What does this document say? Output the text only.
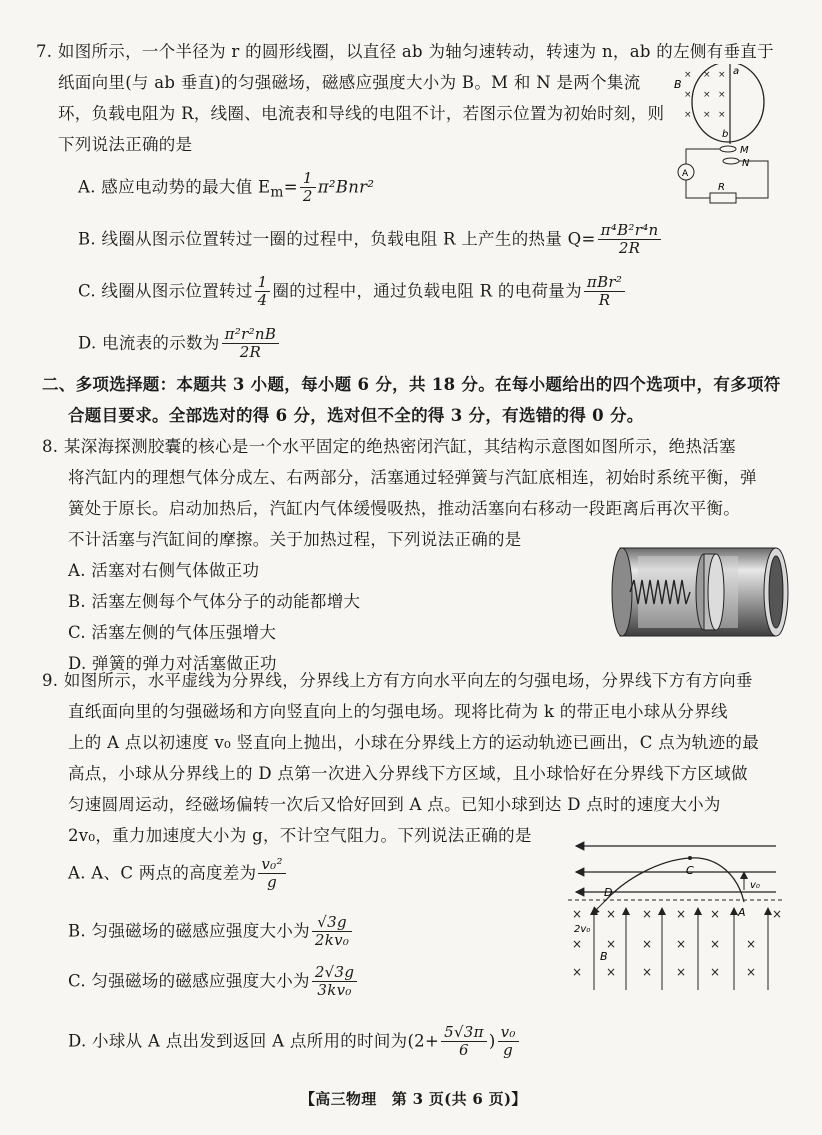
7. 如图所示，一个半径为 r 的圆形线圈，以直径 ab 为轴匀速转动，转速为 n，ab 的左侧有垂直于
纸面向里(与 ab 垂直)的匀强磁场，磁感应强度大小为 B。M 和 N 是两个集流
环，负载电阻为 R，线圈、电流表和导线的电阻不计，若图示位置为初始时刻，则
下列说法正确的是
A. 感应电动势的最大值 $E_m= \frac{1}{2} \pi^2Bnr^2$
B. 线圈从图示位置转过一圈的过程中，负载电阻 R 上产生的热量 $Q= \frac{\text{π⁴B²r⁴n}}{2R}$
C. 线圈从图示位置转过 $\frac{1}{4}$ 圈的过程中，通过负载电阻 R 的电荷量为 $\frac{\text{πBr²}}{R}$
D. 电流表的示数为 $\frac{\text{π²r²nB}}{2R}$
B
a
b
× × ×
× × ×
× × ×
M
N
A
R
二、多项选择题：本题共 3 小题，每小题 6 分，共 18 分。在每小题给出的四个选项中，有多项符
合题目要求。全部选对的得 6 分，选对但不全的得 3 分，有选错的得 0 分。
8. 某深海探测胶囊的核心是一个水平固定的绝热密闭汽缸，其结构示意图如图所示，绝热活塞
将汽缸内的理想气体分成左、右两部分，活塞通过轻弹簧与汽缸底相连，初始时系统平衡，弹
簧处于原长。启动加热后，汽缸内气体缓慢吸热，推动活塞向右移动一段距离后再次平衡。
不计活塞与汽缸间的摩擦。关于加热过程，下列说法正确的是
A. 活塞对右侧气体做正功
B. 活塞左侧每个气体分子的动能都增大
C. 活塞左侧的气体压强增大
D. 弹簧的弹力对活塞做正功
9. 如图所示，水平虚线为分界线，分界线上方有方向水平向左的匀强电场，分界线下方有方向垂
直纸面向里的匀强磁场和方向竖直向上的匀强电场。现将比荷为 k 的带正电小球从分界线
上的 A 点以初速度 v₀ 竖直向上抛出，小球在分界线上方的运动轨迹已画出，C 点为轨迹的最
高点，小球从分界线上的 D 点第一次进入分界线下方区域，且小球恰好在分界线下方区域做
匀速圆周运动，经磁场偏转一次后又恰好回到 A 点。已知小球到达 D 点时的速度大小为
2v₀，重力加速度大小为 g，不计空气阻力。下列说法正确的是
A. A、C 两点的高度差为 $\frac{\text{v₀²}}{g}$
B. 匀强磁场的磁感应强度大小为 $\frac{√3g}{\text{2kv₀}}$
C. 匀强磁场的磁感应强度大小为 $\frac{2√3g}{\text{3kv₀}}$
D. 小球从 A 点出发到返回 A 点所用的时间为($2+ \frac{5√3\pi}{6}$ ) $\frac{\text{v₀}}{g}$
C
D
A
v₀
2v₀
× × × × ×	×
× × × × × ×
× × × × × ×
B
【高三物理　第 3 页(共 6 页)】
